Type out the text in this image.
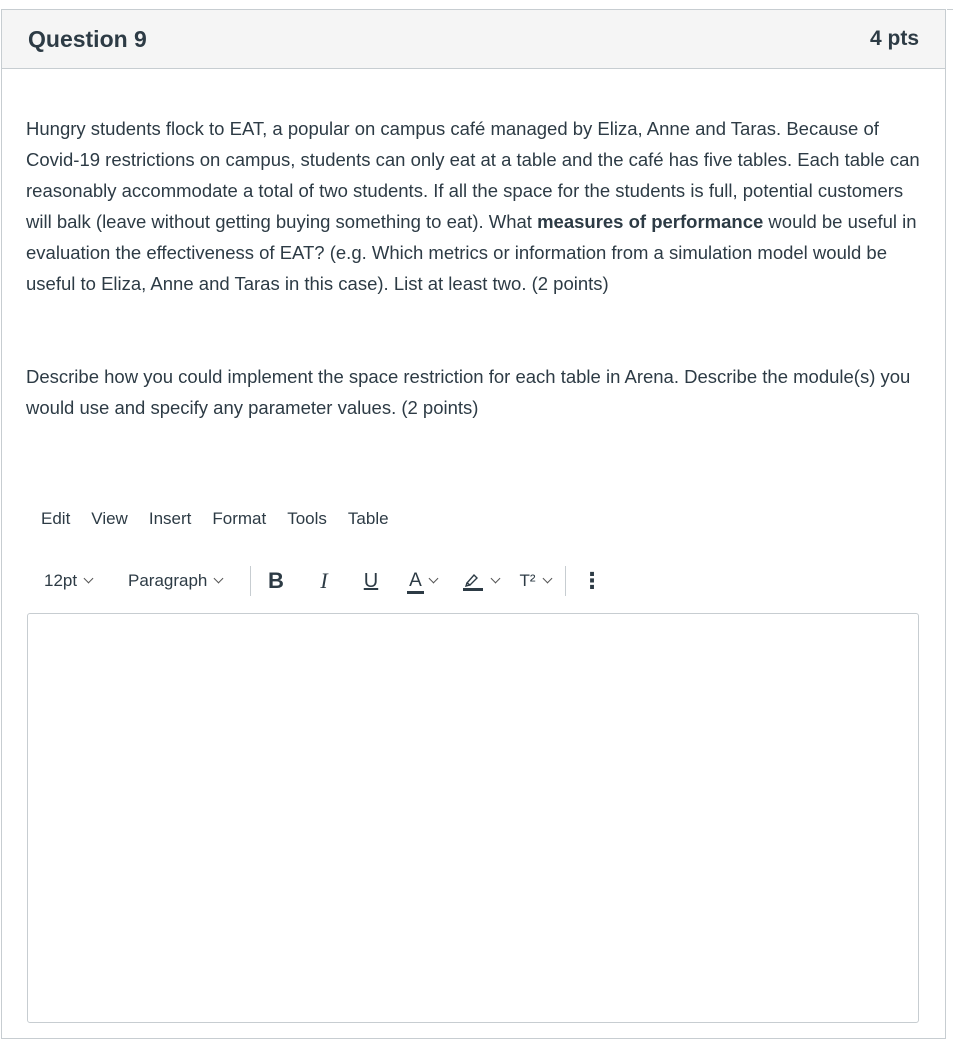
Question 9	4 pts

Hungry students flock to EAT, a popular on campus café managed by Eliza, Anne and Taras. Because of Covid-19 restrictions on campus, students can only eat at a table and the café has five tables. Each table can reasonably accommodate a total of two students. If all the space for the students is full, potential customers will balk (leave without getting buying something to eat). What measures of performance would be useful in evaluation the effectiveness of EAT? (e.g. Which metrics or information from a simulation model would be useful to Eliza, Anne and Taras in this case). List at least two. (2 points)

Describe how you could implement the space restriction for each table in Arena. Describe the module(s) you would use and specify any parameter values. (2 points)

Edit View Insert Format Tools Table
12pt	Paragraph	B I U A	T² ⋮
